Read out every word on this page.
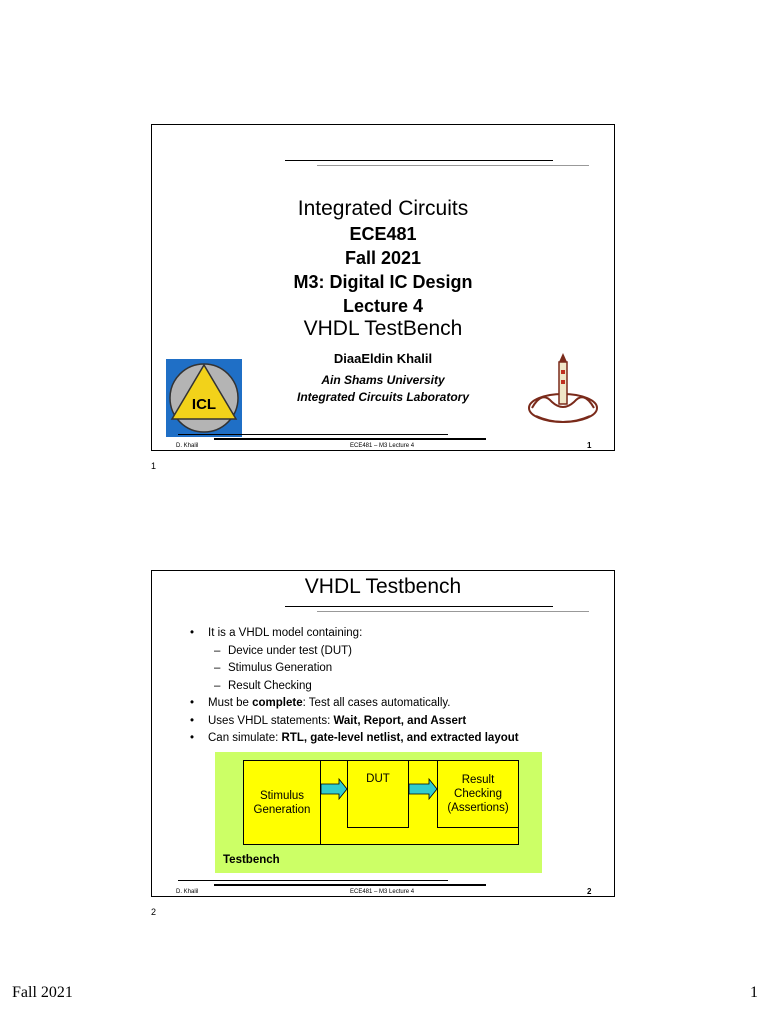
Integrated Circuits
ECE481
Fall 2021
M3: Digital IC Design
Lecture 4
VHDL TestBench
DiaaEldin Khalil
Ain Shams University
Integrated Circuits Laboratory
ICL
D. Khalil	ECE481 – M3 Lecture 4	1
1
VHDL Testbench
• It is a VHDL model containing:
– Device under test (DUT)
– Stimulus Generation
– Result Checking
• Must be complete: Test all cases automatically.
• Uses VHDL statements: Wait, Report, and Assert
• Can simulate: RTL, gate-level netlist, and extracted layout
Stimulus
Generation
DUT	Result
Checking
(Assertions)
Testbench
D. Khalil	ECE481 – M3 Lecture 4	2
2
Fall 2021	1
